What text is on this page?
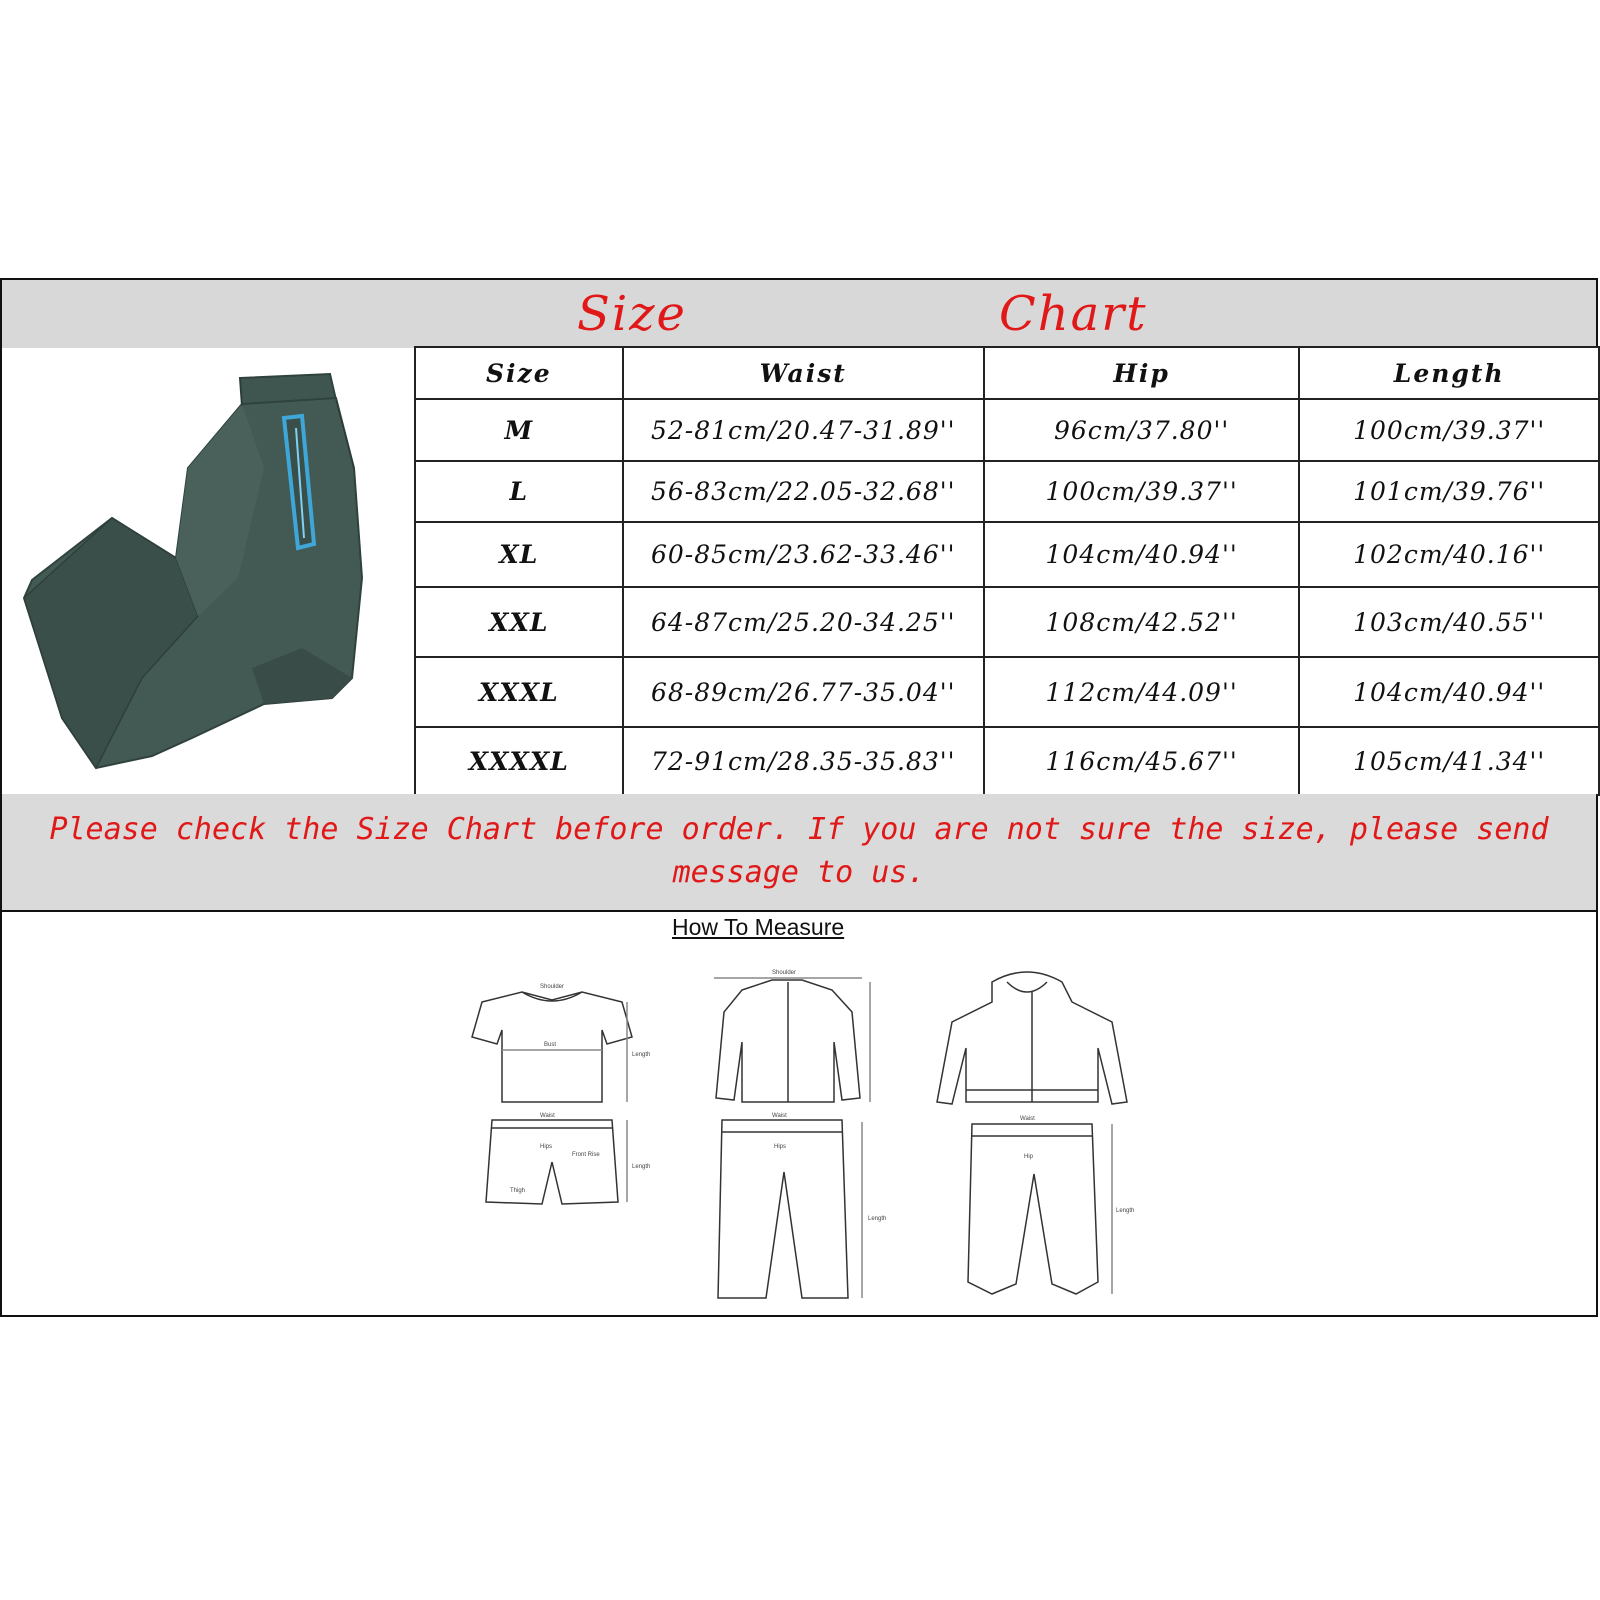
Size	Chart
Size	Waist	Hip	Length
M	52-81cm/20.47-31.89''	96cm/37.80''	100cm/39.37''
L	56-83cm/22.05-32.68''	100cm/39.37''	101cm/39.76''
XL	60-85cm/23.62-33.46''	104cm/40.94''	102cm/40.16''
XXL	64-87cm/25.20-34.25''	108cm/42.52''	103cm/40.55''
XXXL	68-89cm/26.77-35.04''	112cm/44.09''	104cm/40.94''
XXXXL	72-91cm/28.35-35.83''	116cm/45.67''	105cm/41.34''
Please check the Size Chart before order. If you are not sure the size, please send message to us.
How To Measure
Shoulder
Bust
Length
Waist
Hips
Front Rise
Thigh
Length
Shoulder
Waist
Hips
Length
Waist
Hip
Length
